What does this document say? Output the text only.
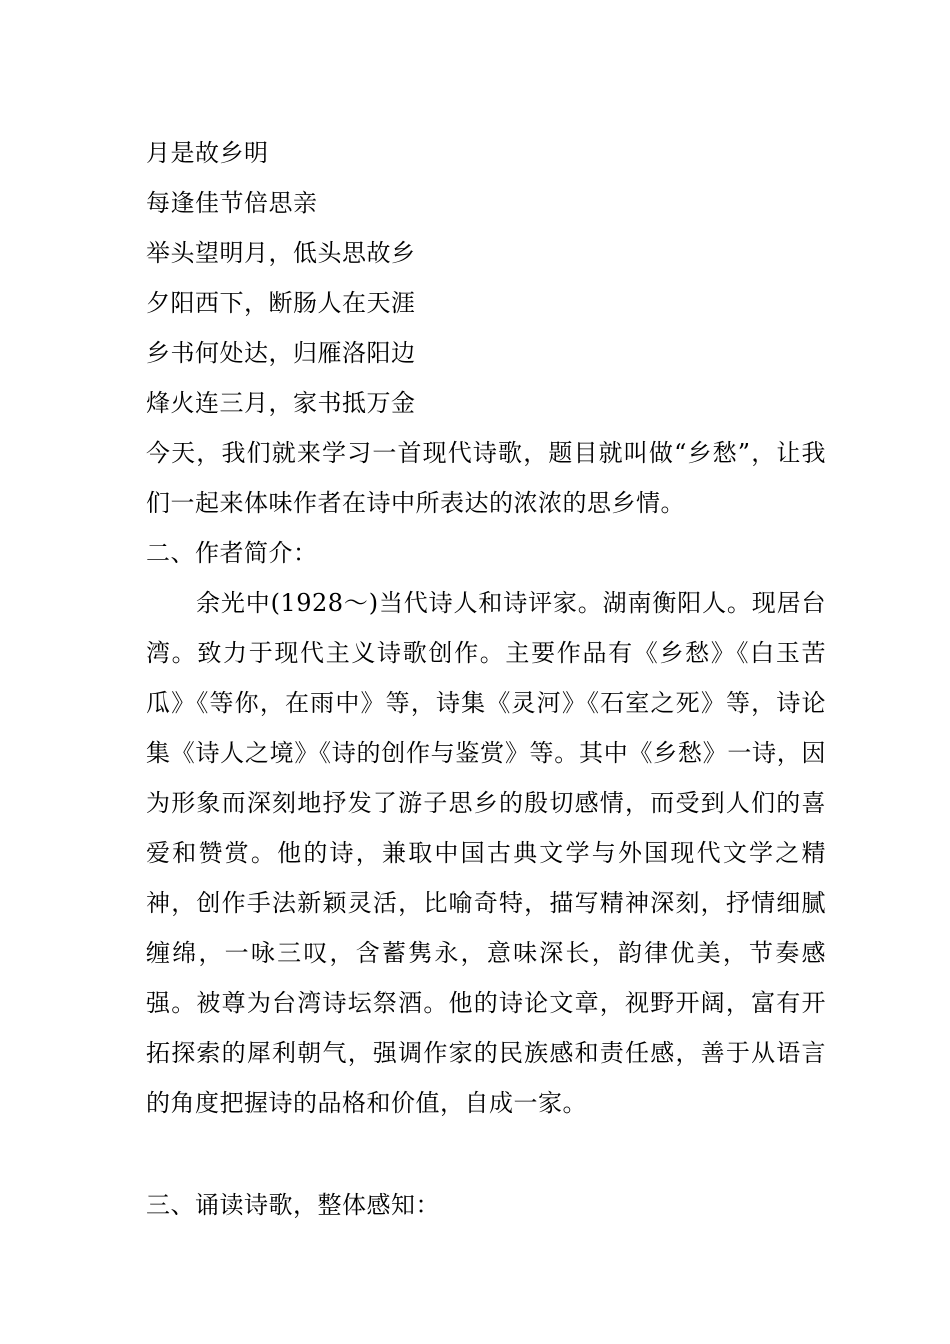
月是故乡明
每逢佳节倍思亲
举头望明月，低头思故乡
夕阳西下，断肠人在天涯
乡书何处达，归雁洛阳边
烽火连三月，家书抵万金
今天，我们就来学习一首现代诗歌，题目就叫做“乡愁”，让我们一起来体味作者在诗中所表达的浓浓的思乡情。
二、作者简介：
余光中(1928～)当代诗人和诗评家。湖南衡阳人。现居台湾。致力于现代主义诗歌创作。主要作品有《乡愁》《白玉苦瓜》《等你，在雨中》等，诗集《灵河》《石室之死》等，诗论集《诗人之境》《诗的创作与鉴赏》等。其中《乡愁》一诗，因为形象而深刻地抒发了游子思乡的殷切感情，而受到人们的喜爱和赞赏。他的诗，兼取中国古典文学与外国现代文学之精神，创作手法新颖灵活，比喻奇特，描写精神深刻，抒情细腻缠绵，一咏三叹，含蓄隽永，意味深长，韵律优美，节奏感强。被尊为台湾诗坛祭酒。他的诗论文章，视野开阔，富有开拓探索的犀利朝气，强调作家的民族感和责任感，善于从语言的角度把握诗的品格和价值，自成一家。
三、诵读诗歌，整体感知：
